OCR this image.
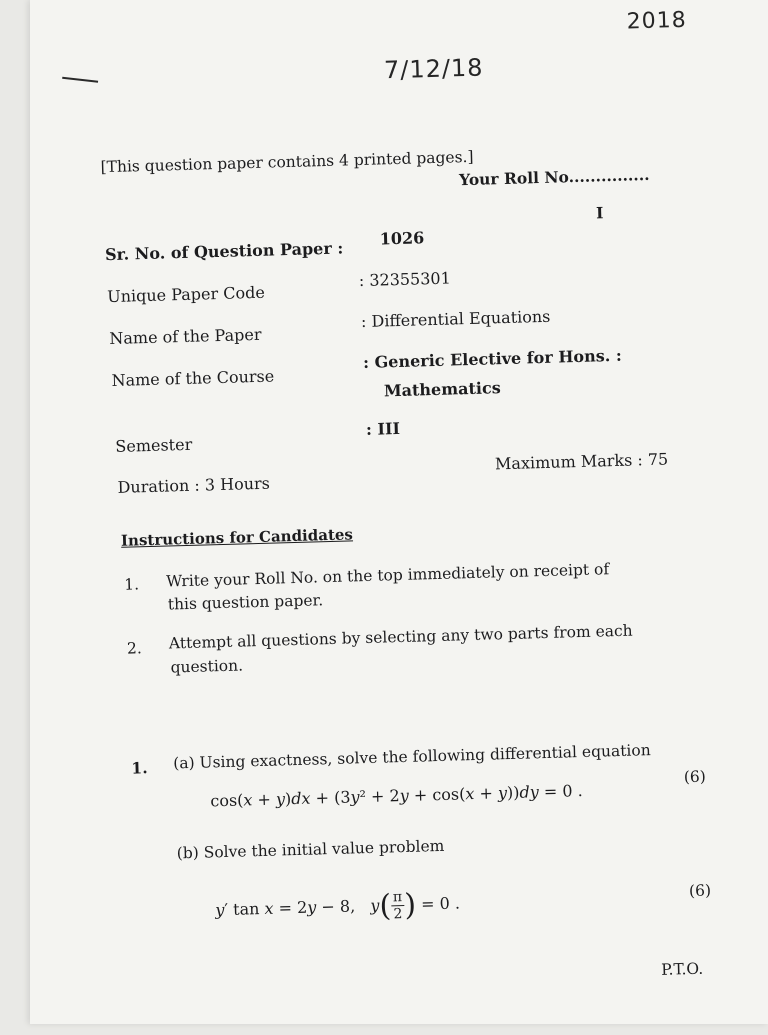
2018
7/12/18
[This question paper contains 4 printed pages.]
Your Roll No...............
I
Sr. No. of Question Paper :
1026
Unique Paper Code
: 32355301
Name of the Paper
: Differential Equations
Name of the Course
: Generic Elective for Hons. :
Mathematics
Semester
: III
Duration : 3 Hours
Maximum Marks : 75
Instructions for Candidates
1. Write your Roll No. on the top immediately on receipt of
this question paper.
2. Attempt all questions by selecting any two parts from each
question.
1. (a) Using exactness, solve the following differential equation
cos(x + y)dx + (3y² + 2y + cos(x + y))dy = 0 .
(6)
(b) Solve the initial value problem
y′ tan x = 2y − 8,   $y( \frac{\pi}{2}$ ) = 0 .
(6)
P.T.O.
